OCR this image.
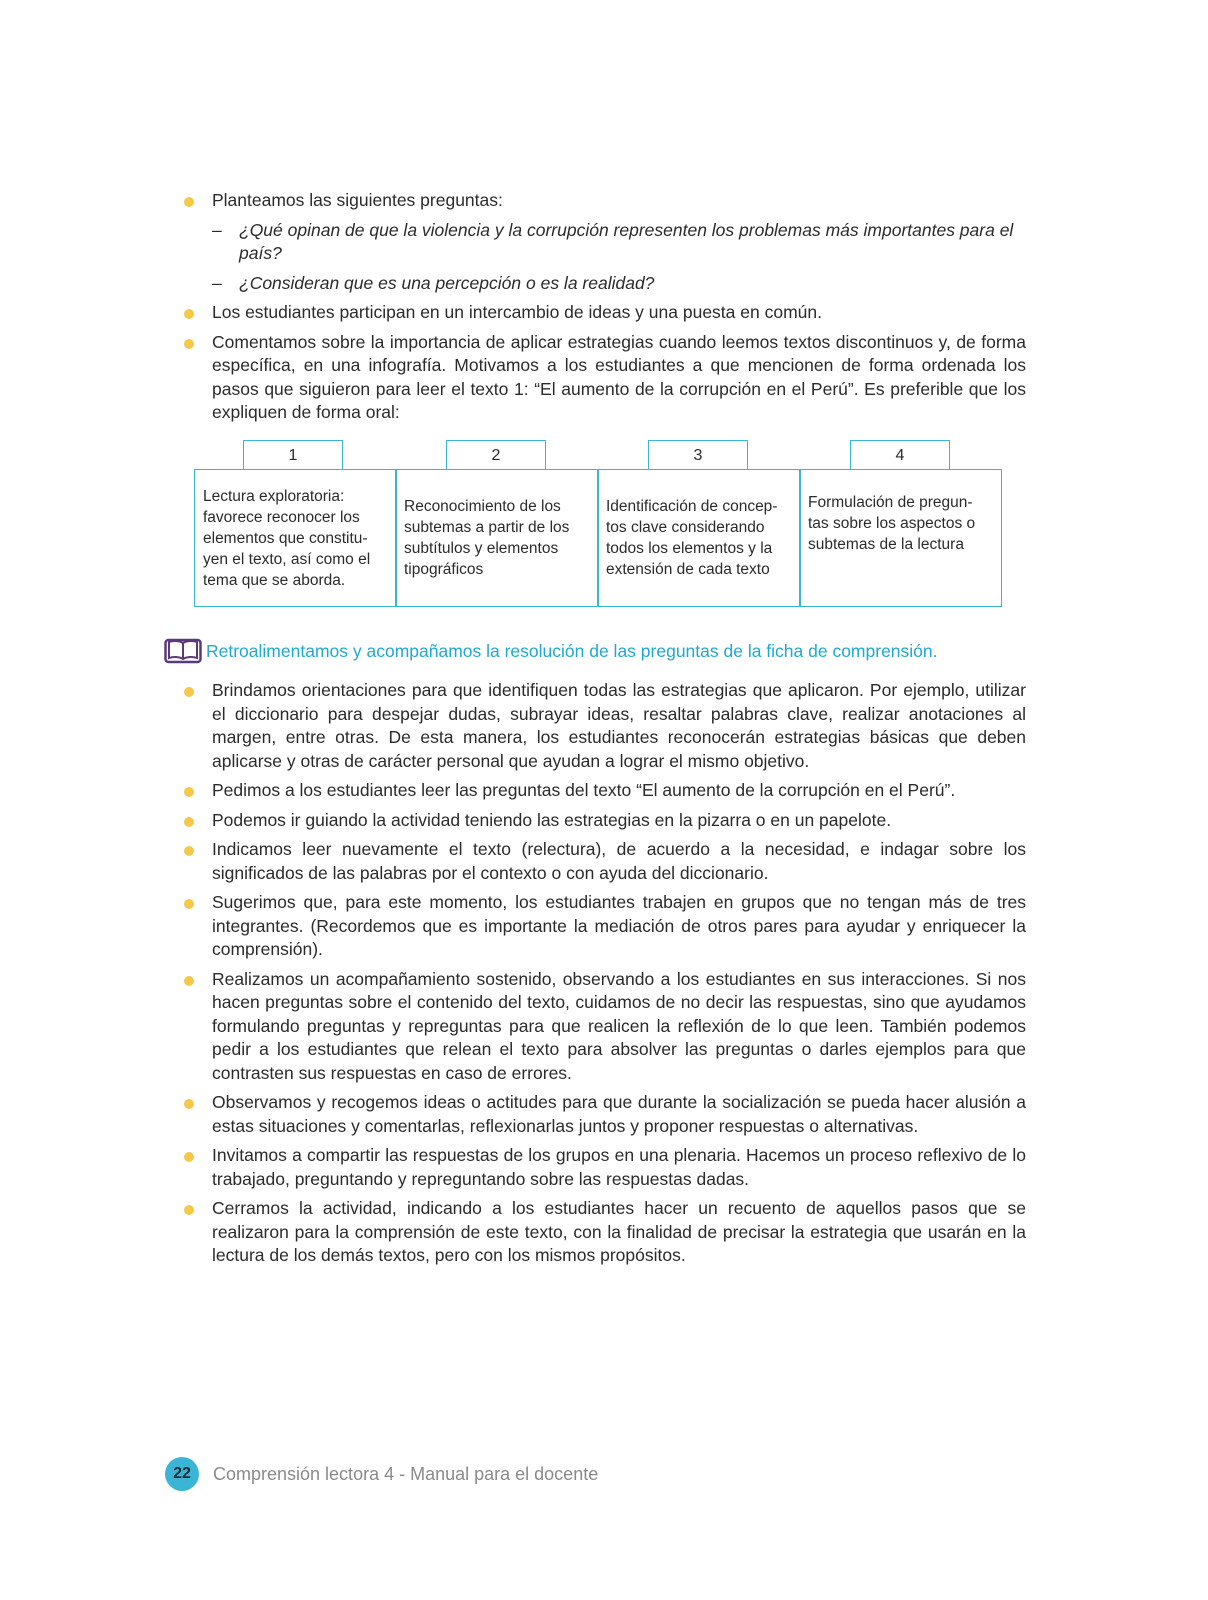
Planteamos las siguientes preguntas:
– ¿Qué opinan de que la violencia y la corrupción representen los problemas más importantes para el país?
– ¿Consideran que es una percepción o es la realidad?
Los estudiantes participan en un intercambio de ideas y una puesta en común.
Comentamos sobre la importancia de aplicar estrategias cuando leemos textos discontinuos y, de forma específica, en una infografía. Motivamos a los estudiantes a que mencionen de forma ordenada los pasos que siguieron para leer el texto 1: “El aumento de la corrupción en el Perú”. Es preferible que los expliquen de forma oral:
1	2	3	4
Lectura exploratoria: favorece reconocer los elementos que constitu-yen el texto, así como el tema que se aborda.
Reconocimiento de los subtemas a partir de los subtítulos y elementos tipográficos
Identificación de concep-tos clave considerando todos los elementos y la extensión de cada texto
Formulación de pregun-tas sobre los aspectos o subtemas de la lectura
Retroalimentamos y acompañamos la resolución de las preguntas de la ficha de comprensión.
Brindamos orientaciones para que identifiquen todas las estrategias que aplicaron. Por ejemplo, utilizar el diccionario para despejar dudas, subrayar ideas, resaltar palabras clave, realizar anotaciones al margen, entre otras. De esta manera, los estudiantes reconocerán estrategias básicas que deben aplicarse y otras de carácter personal que ayudan a lograr el mismo objetivo.
Pedimos a los estudiantes leer las preguntas del texto “El aumento de la corrupción en el Perú”.
Podemos ir guiando la actividad teniendo las estrategias en la pizarra o en un papelote.
Indicamos leer nuevamente el texto (relectura), de acuerdo a la necesidad, e indagar sobre los significados de las palabras por el contexto o con ayuda del diccionario.
Sugerimos que, para este momento, los estudiantes trabajen en grupos que no tengan más de tres integrantes. (Recordemos que es importante la mediación de otros pares para ayudar y enriquecer la comprensión).
Realizamos un acompañamiento sostenido, observando a los estudiantes en sus interacciones. Si nos hacen preguntas sobre el contenido del texto, cuidamos de no decir las respuestas, sino que ayudamos formulando preguntas y repreguntas para que realicen la reflexión de lo que leen. También podemos pedir a los estudiantes que relean el texto para absolver las preguntas o darles ejemplos para que contrasten sus respuestas en caso de errores.
Observamos y recogemos ideas o actitudes para que durante la socialización se pueda hacer alusión a estas situaciones y comentarlas, reflexionarlas juntos y proponer respuestas o alternativas.
Invitamos a compartir las respuestas de los grupos en una plenaria. Hacemos un proceso reflexivo de lo trabajado, preguntando y repreguntando sobre las respuestas dadas.
Cerramos la actividad, indicando a los estudiantes hacer un recuento de aquellos pasos que se realizaron para la comprensión de este texto, con la finalidad de precisar la estrategia que usarán en la lectura de los demás textos, pero con los mismos propósitos.
22	Comprensión lectora 4 - Manual para el docente
